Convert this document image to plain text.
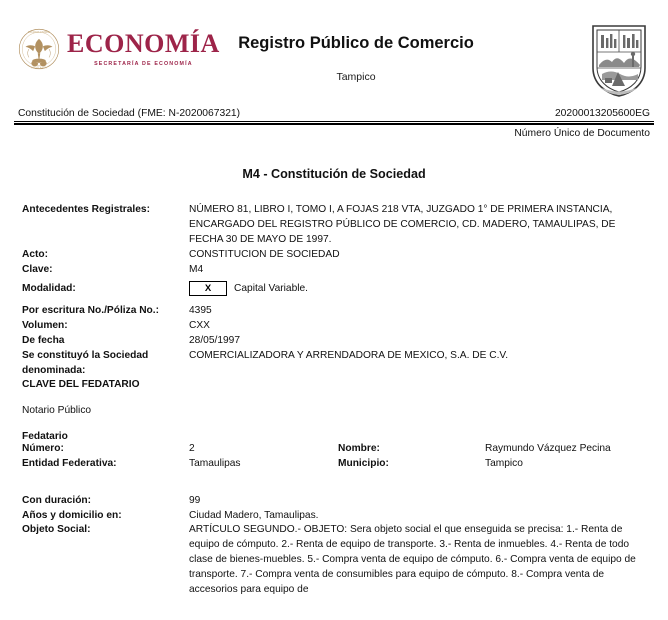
ESTADOS UNIDOS
MEXICANOS
ECONOMÍA
SECRETARÍA DE ECONOMÍA
Registro Público de Comercio
Tampico
Constitución de Sociedad (FME: N-2020067321)	20200013205600EG
Número Único de Documento
M4 - Constitución de Sociedad
Antecedentes Registrales:	NÚMERO 81, LIBRO I, TOMO I, A FOJAS 218 VTA, JUZGADO 1° DE PRIMERA INSTANCIA, ENCARGADO DEL REGISTRO PÚBLICO DE COMERCIO, CD. MADERO, TAMAULIPAS, DE FECHA 30 DE MAYO DE 1997.
Acto:	CONSTITUCION DE SOCIEDAD
Clave:	M4
Modalidad:	X	Capital Variable.
Por escritura No./Póliza No.:	4395
Volumen:	CXX
De fecha	28/05/1997
Se constituyó la Sociedad denominada:
COMERCIALIZADORA Y ARRENDADORA DE MEXICO, S.A. DE C.V.
CLAVE DEL FEDATARIO
Notario Público
Fedatario
Número:	2	Nombre:	Raymundo Vázquez Pecina
Entidad Federativa:	Tamaulipas	Municipio:	Tampico
Con duración:	99
Años y domicilio en:	Ciudad Madero, Tamaulipas.
Objeto Social:	ARTÍCULO SEGUNDO.- OBJETO: Sera objeto social el que enseguida se precisa: 1.- Renta de equipo de cómputo. 2.- Renta de equipo de transporte. 3.- Renta de inmuebles. 4.- Renta de todo clase de bienes-muebles. 5.- Compra venta de equipo de cómputo. 6.- Compra venta de equipo de transporte. 7.- Compra venta de consumibles para equipo de cómputo. 8.- Compra venta de accesorios para equipo de
